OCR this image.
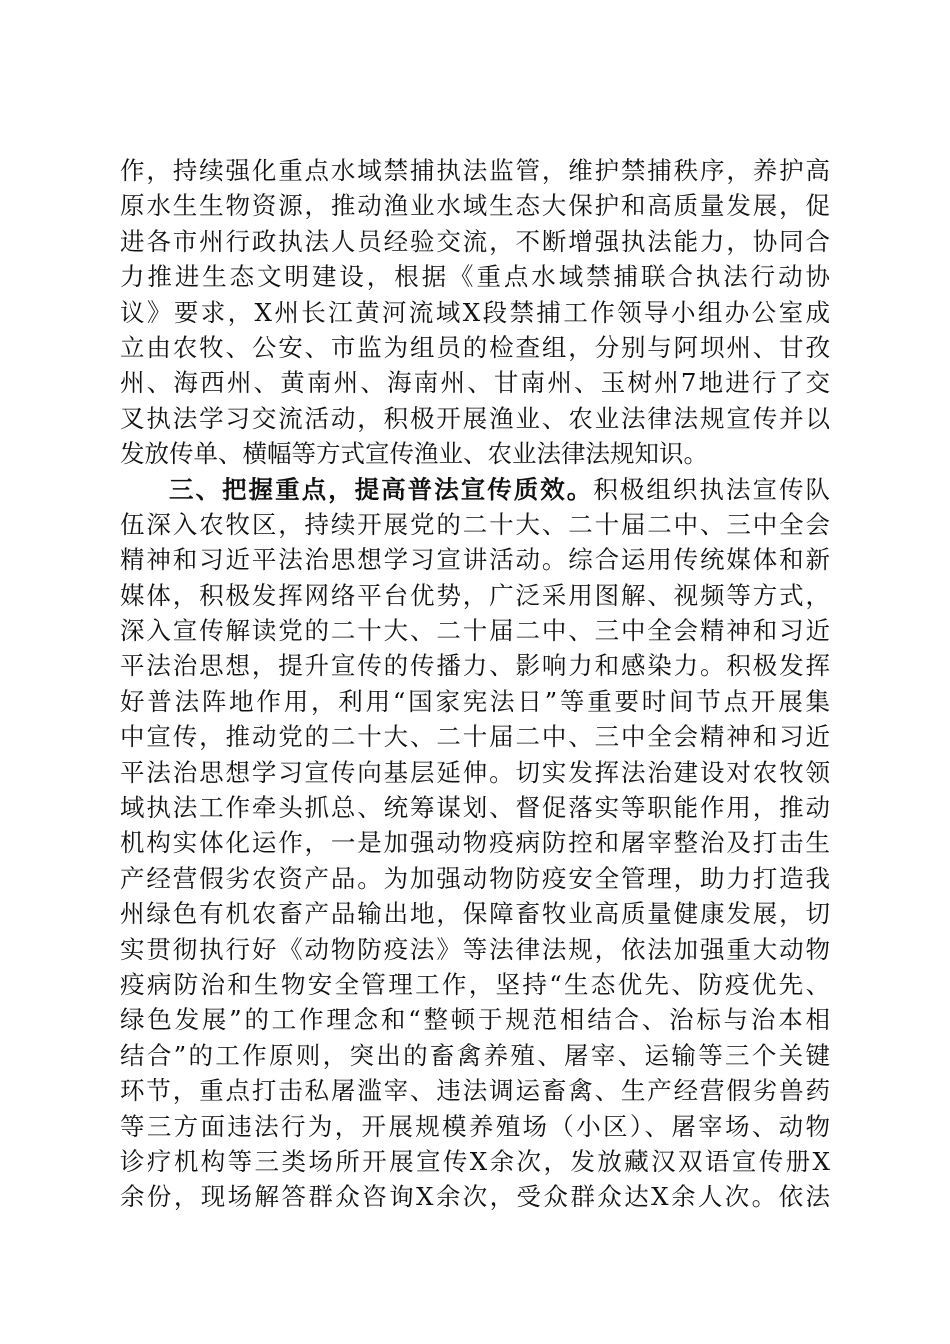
作，持续强化重点水域禁捕执法监管，维护禁捕秩序，养护高
原水生生物资源，推动渔业水域生态大保护和高质量发展，促
进各市州行政执法人员经验交流，不断增强执法能力，协同合
力推进生态文明建设，根据《重点水域禁捕联合执法行动协
议》要求，X州长江黄河流域X段禁捕工作领导小组办公室成
立由农牧、公安、市监为组员的检查组，分别与阿坝州、甘孜
州、海西州、黄南州、海南州、甘南州、玉树州7地进行了交
叉执法学习交流活动，积极开展渔业、农业法律法规宣传并以
发放传单、横幅等方式宣传渔业、农业法律法规知识。
三、把握重点，提高普法宣传质效。积极组织执法宣传队
伍深入农牧区，持续开展党的二十大、二十届二中、三中全会
精神和习近平法治思想学习宣讲活动。综合运用传统媒体和新
媒体，积极发挥网络平台优势，广泛采用图解、视频等方式，
深入宣传解读党的二十大、二十届二中、三中全会精神和习近
平法治思想，提升宣传的传播力、影响力和感染力。积极发挥
好普法阵地作用，利用“国家宪法日”等重要时间节点开展集
中宣传，推动党的二十大、二十届二中、三中全会精神和习近
平法治思想学习宣传向基层延伸。切实发挥法治建设对农牧领
域执法工作牵头抓总、统筹谋划、督促落实等职能作用，推动
机构实体化运作，一是加强动物疫病防控和屠宰整治及打击生
产经营假劣农资产品。为加强动物防疫安全管理，助力打造我
州绿色有机农畜产品输出地，保障畜牧业高质量健康发展，切
实贯彻执行好《动物防疫法》等法律法规，依法加强重大动物
疫病防治和生物安全管理工作，坚持“生态优先、防疫优先、
绿色发展”的工作理念和“整顿于规范相结合、治标与治本相
结合”的工作原则，突出的畜禽养殖、屠宰、运输等三个关键
环节，重点打击私屠滥宰、违法调运畜禽、生产经营假劣兽药
等三方面违法行为，开展规模养殖场（小区）、屠宰场、动物
诊疗机构等三类场所开展宣传X余次，发放藏汉双语宣传册X
余份，现场解答群众咨询X余次，受众群众达X余人次。依法
